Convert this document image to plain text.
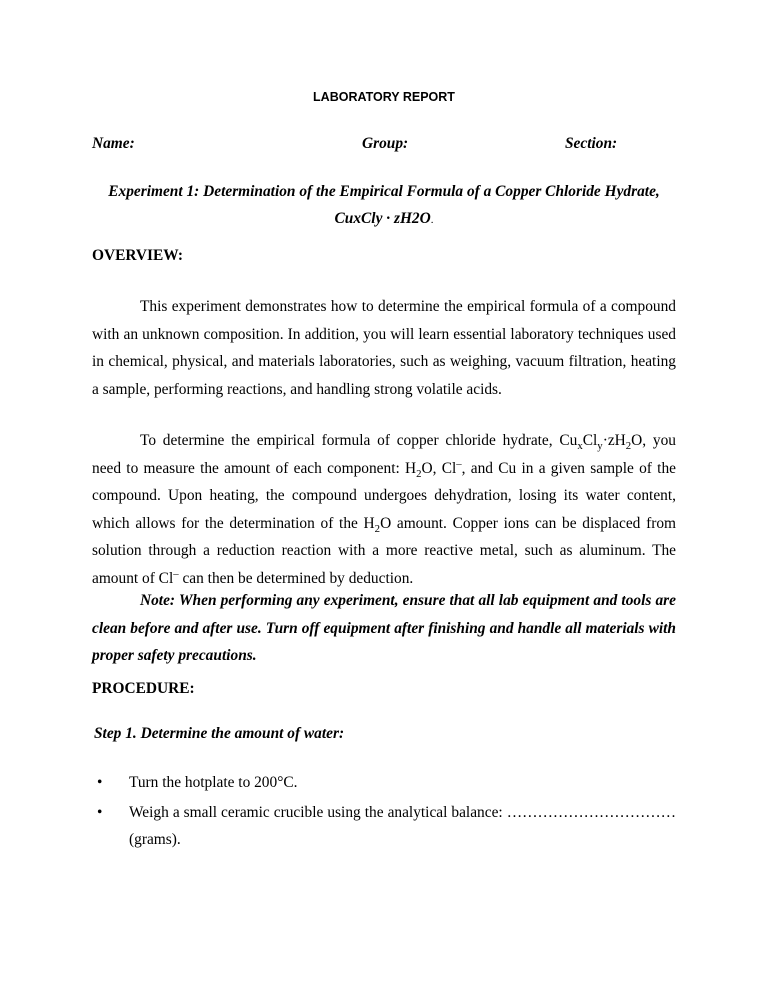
LABORATORY REPORT
Name:	Group:	Section:
Experiment 1: Determination of the Empirical Formula of a Copper Chloride Hydrate,
CuxCly · zH2O.
OVERVIEW:
This experiment demonstrates how to determine the empirical formula of a compound with an unknown composition. In addition, you will learn essential laboratory techniques used in chemical, physical, and materials laboratories, such as weighing, vacuum filtration, heating a sample, performing reactions, and handling strong volatile acids.
To determine the empirical formula of copper chloride hydrate, $Cu_xCl_y\cdot zH_2O$, you need to measure the amount of each component: $H_2O$, Cl–, and Cu in a given sample of the compound. Upon heating, the compound undergoes dehydration, losing its water content, which allows for the determination of the $H_2O$ amount. Copper ions can be displaced from solution through a reduction reaction with a more reactive metal, such as aluminum. The amount of Cl– can then be determined by deduction.
Note: When performing any experiment, ensure that all lab equipment and tools are clean before and after use. Turn off equipment after finishing and handle all materials with proper safety precautions.
PROCEDURE:
Step 1. Determine the amount of water:
• Turn the hotplate to 200°C.
• Weigh a small ceramic crucible using the analytical balance: …………………………… (grams).
